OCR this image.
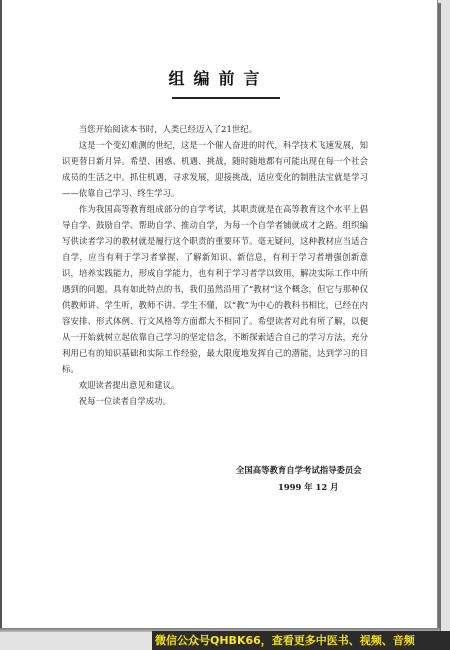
组编前言

当您开始阅读本书时，人类已经迈入了21世纪。

这是一个变幻难测的世纪，这是一个催人奋进的时代，科学技术飞速发展，知识更替日新月异。希望、困惑、机遇、挑战，随时随地都有可能出现在每一个社会成员的生活之中。抓住机遇，寻求发展，迎接挑战，适应变化的制胜法宝就是学习——依靠自己学习、终生学习。

作为我国高等教育组成部分的自学考试，其职责就是在高等教育这个水平上倡导自学、鼓励自学、帮助自学、推动自学，为每一个自学者铺就成才之路。组织编写供读者学习的教材就是履行这个职责的重要环节。毫无疑问，这种教材应当适合自学，应当有利于学习者掌握、了解新知识、新信息，有利于学习者增强创新意识，培养实践能力，形成自学能力，也有利于学习者学以致用，解决实际工作中所遇到的问题。具有如此特点的书，我们虽然沿用了“教材”这个概念，但它与那种仅供教师讲、学生听，教师不讲、学生不懂，以“教”为中心的教科书相比，已经在内容安排、形式体例、行文风格等方面都大不相同了。希望读者对此有所了解，以便从一开始就树立起依靠自己学习的坚定信念，不断探索适合自己的学习方法，充分利用已有的知识基础和实际工作经验，最大限度地发挥自己的潜能，达到学习的目标。

欢迎读者提出意见和建议。

祝每一位读者自学成功。

全国高等教育自学考试指导委员会
1999 年 12 月
微信公众号QHBK66，查看更多中医书、视频、音频
